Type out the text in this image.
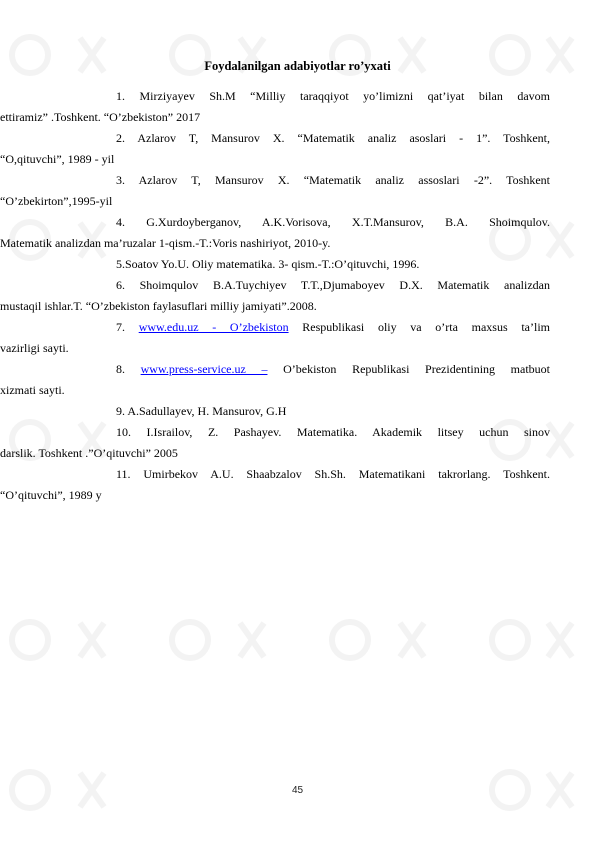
Foydalanilgan adabiyotlar ro’yxati

1. Mirziyayev Sh.M “Milliy taraqqiyot yo’limizni qat’iyat bilan davom
ettiramiz” .Toshkent. “O’zbekiston” 2017

2. Azlarov T, Mansurov X. “Matematik analiz asoslari - 1”. Toshkent,
“O,qituvchi”, 1989 - yil

3. Azlarov T, Mansurov X. “Matematik analiz assoslari -2”. Toshkent
“O’zbekirton”,1995-yil

4. G.Xurdoyberganov, A.K.Vorisova, X.T.Mansurov, B.A. Shoimqulov.
Matematik analizdan ma’ruzalar 1-qism.-T.:Voris nashiriyot, 2010-y.

5.Soatov Yo.U. Oliy matematika. 3- qism.-T.:O’qituvchi, 1996.

6. Shoimqulov B.A.Tuychiyev T.T.,Djumaboyev D.X. Matematik analizdan
mustaqil ishlar.T. “O’zbekiston faylasuflari milliy jamiyati”.2008.

7. www.edu.uz - O’zbekiston Respublikasi oliy va o’rta maxsus ta’lim
vazirligi sayti.

8. www.press-service.uz – O’bekiston Republikasi Prezidentining matbuot
xizmati sayti.

9. A.Sadullayev, H. Mansurov, G.H

10. I.Israilov, Z. Pashayev. Matematika. Akademik litsey uchun sinov
darslik. Toshkent .”O’qituvchi” 2005

11. Umirbekov A.U. Shaabzalov Sh.Sh. Matematikani takrorlang. Toshkent.
“O’qituvchi”, 1989 y

45
